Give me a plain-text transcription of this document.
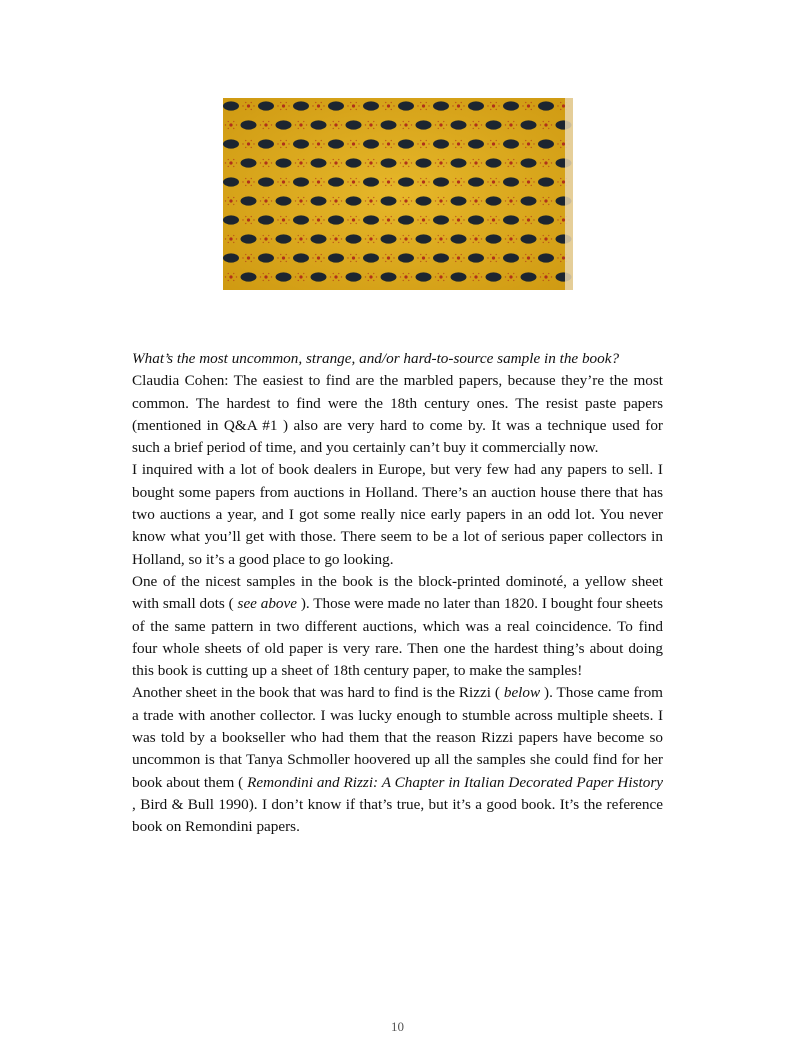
What’s the most uncommon, strange, and/or hard-to-source sample in the book?

Claudia Cohen: The easiest to find are the marbled papers, because they’re the most common. The hardest to find were the 18th century ones. The resist paste papers (mentioned in Q&A #1 ) also are very hard to come by. It was a technique used for such a brief period of time, and you certainly can’t buy it commercially now.

I inquired with a lot of book dealers in Europe, but very few had any papers to sell. I bought some papers from auctions in Holland. There’s an auction house there that has two auctions a year, and I got some really nice early papers in an odd lot. You never know what you’ll get with those. There seem to be a lot of serious paper collectors in Holland, so it’s a good place to go looking.

One of the nicest samples in the book is the block-printed dominoté, a yellow sheet with small dots ( see above ). Those were made no later than 1820. I bought four sheets of the same pattern in two different auctions, which was a real coincidence. To find four whole sheets of old paper is very rare. Then one the hardest thing’s about doing this book is cutting up a sheet of 18th century paper, to make the samples!

Another sheet in the book that was hard to find is the Rizzi ( below ). Those came from a trade with another collector. I was lucky enough to stumble across multiple sheets. I was told by a bookseller who had them that the reason Rizzi papers have become so uncommon is that Tanya Schmoller hoovered up all the samples she could find for her book about them ( Remondini and Rizzi: A Chapter in Italian Decorated Paper History , Bird & Bull 1990). I don’t know if that’s true, but it’s a good book. It’s the reference book on Remondini papers.

10
